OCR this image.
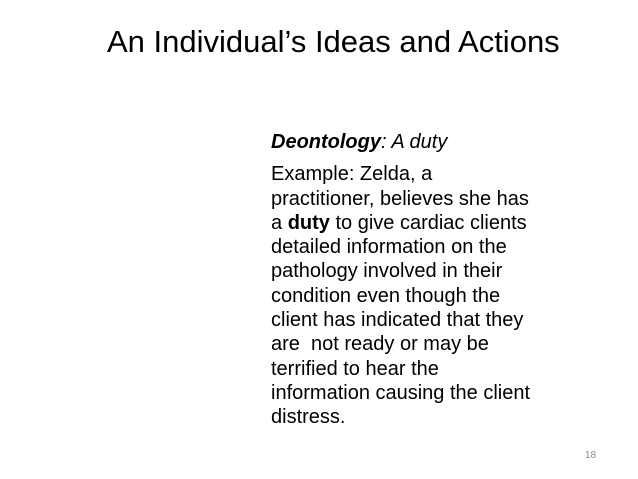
An Individual’s Ideas and Actions

Deontology: A duty

Example: Zelda, a
practitioner, believes she has
a duty to give cardiac clients
detailed information on the
pathology involved in their
condition even though the
client has indicated that they
are  not ready or may be
terrified to hear the
information causing the client
distress.

18
